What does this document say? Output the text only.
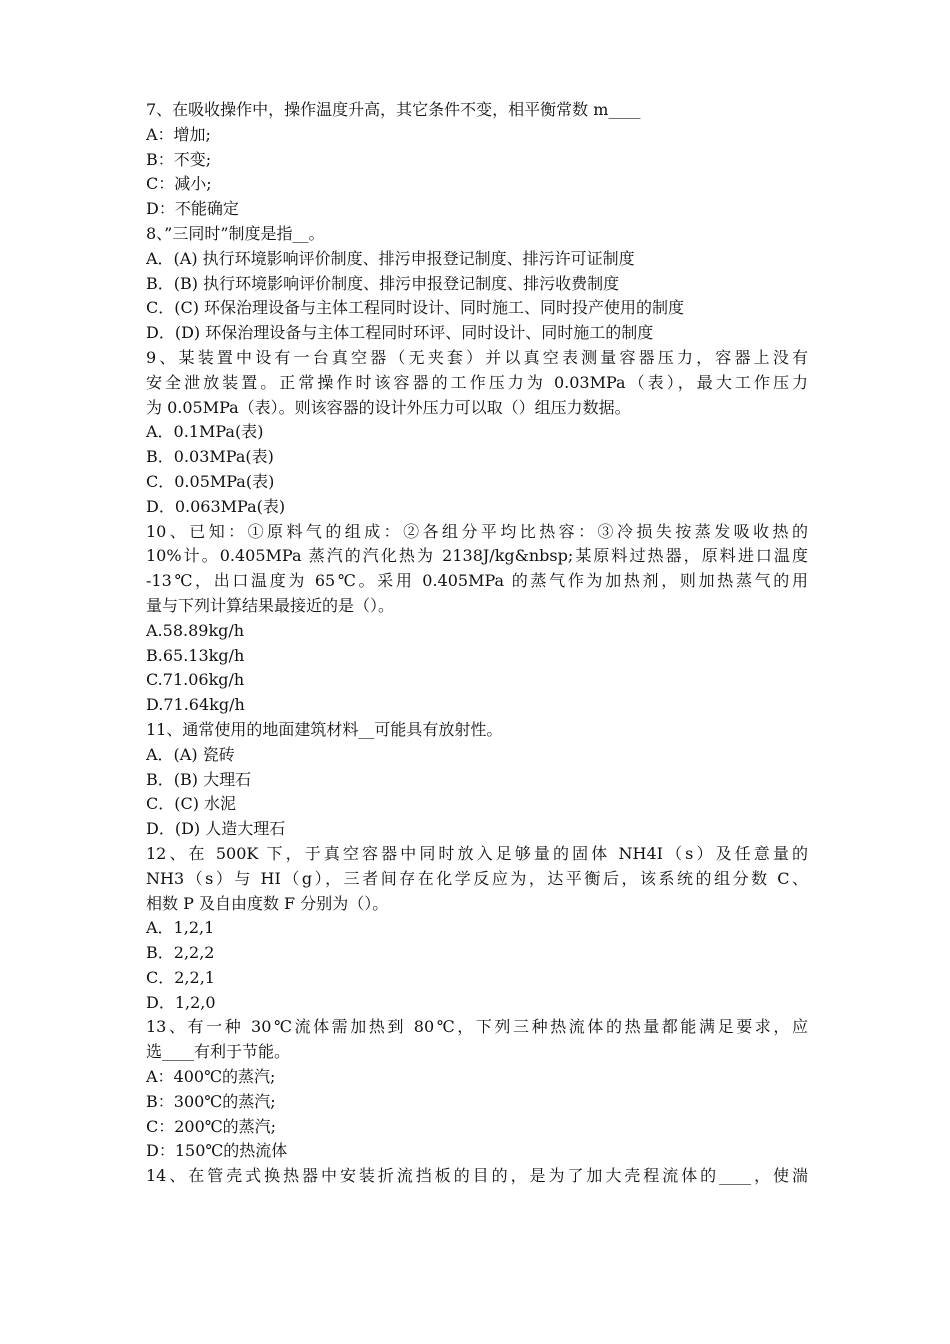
7、在吸收操作中，操作温度升高，其它条件不变，相平衡常数 m____
A：增加;
B：不变;
C：减小;
D：不能确定
8、”三同时”制度是指__。
A．(A) 执行环境影响评价制度、排污申报登记制度、排污许可证制度
B．(B) 执行环境影响评价制度、排污申报登记制度、排污收费制度
C．(C) 环保治理设备与主体工程同时设计、同时施工、同时投产使用的制度
D．(D) 环保治理设备与主体工程同时环评、同时设计、同时施工的制度
9、某装置中设有一台真空器（无夹套）并以真空表测量容器压力，容器上没有
安全泄放装置。正常操作时该容器的工作压力为 0.03MPa（表），最大工作压力
为 0.05MPa（表）。则该容器的设计外压力可以取（）组压力数据。
A．0.1MPa(表)
B．0.03MPa(表)
C．0.05MPa(表)
D．0.063MPa(表)
10、已知：①原料气的组成：②各组分平均比热容：③冷损失按蒸发吸收热的
10%计。0.405MPa 蒸汽的汽化热为 2138J/kg&nbsp;某原料过热器，原料进口温度
-13℃，出口温度为 65℃。采用 0.405MPa 的蒸气作为加热剂，则加热蒸气的用
量与下列计算结果最接近的是（）。
A.58.89kg/h
B.65.13kg/h
C.71.06kg/h
D.71.64kg/h
11、通常使用的地面建筑材料__可能具有放射性。
A．(A) 瓷砖
B．(B) 大理石
C．(C) 水泥
D．(D) 人造大理石
12、在 500K 下，于真空容器中同时放入足够量的固体 NH4I（s）及任意量的
NH3（s）与 HI（g），三者间存在化学反应为，达平衡后，该系统的组分数 C、
相数 P 及自由度数 F 分别为（）。
A．1,2,1
B．2,2,2
C．2,2,1
D．1,2,0
13、有一种 30℃流体需加热到 80℃，下列三种热流体的热量都能满足要求，应
选____有利于节能。
A：400℃的蒸汽;
B：300℃的蒸汽;
C：200℃的蒸汽;
D：150℃的热流体
14、在管壳式换热器中安装折流挡板的目的，是为了加大壳程流体的____，使湍
